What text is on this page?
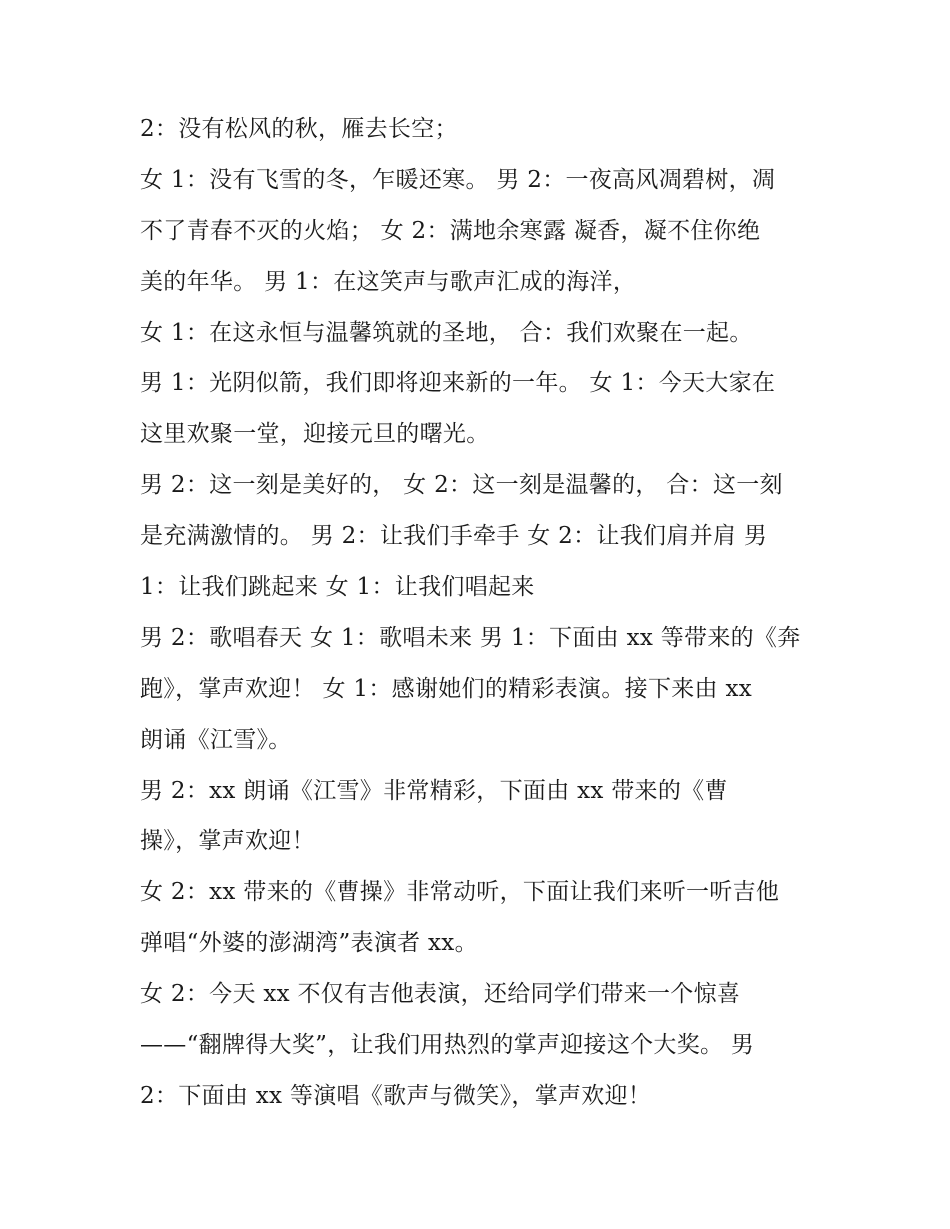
2：没有松风的秋，雁去长空；
女 1：没有飞雪的冬，乍暖还寒。 男 2：一夜高风凋碧树，凋
不了青春不灭的火焰； 女 2：满地余寒露 凝香，凝不住你绝
美的年华。 男 1：在这笑声与歌声汇成的海洋，
女 1：在这永恒与温馨筑就的圣地， 合：我们欢聚在一起。
男 1：光阴似箭，我们即将迎来新的一年。 女 1：今天大家在
这里欢聚一堂，迎接元旦的曙光。
男 2：这一刻是美好的， 女 2：这一刻是温馨的， 合：这一刻
是充满激情的。 男 2：让我们手牵手 女 2：让我们肩并肩 男
1：让我们跳起来 女 1：让我们唱起来
男 2：歌唱春天 女 1：歌唱未来 男 1：下面由 xx 等带来的《奔
跑》，掌声欢迎！ 女 1：感谢她们的精彩表演。接下来由 xx
朗诵《江雪》。
男 2：xx 朗诵《江雪》非常精彩，下面由 xx 带来的《曹
操》，掌声欢迎！
女 2：xx 带来的《曹操》非常动听，下面让我们来听一听吉他
弹唱“外婆的澎湖湾”表演者 xx。
女 2：今天 xx 不仅有吉他表演，还给同学们带来一个惊喜
——“翻牌得大奖”，让我们用热烈的掌声迎接这个大奖。 男
2：下面由 xx 等演唱《歌声与微笑》，掌声欢迎！
